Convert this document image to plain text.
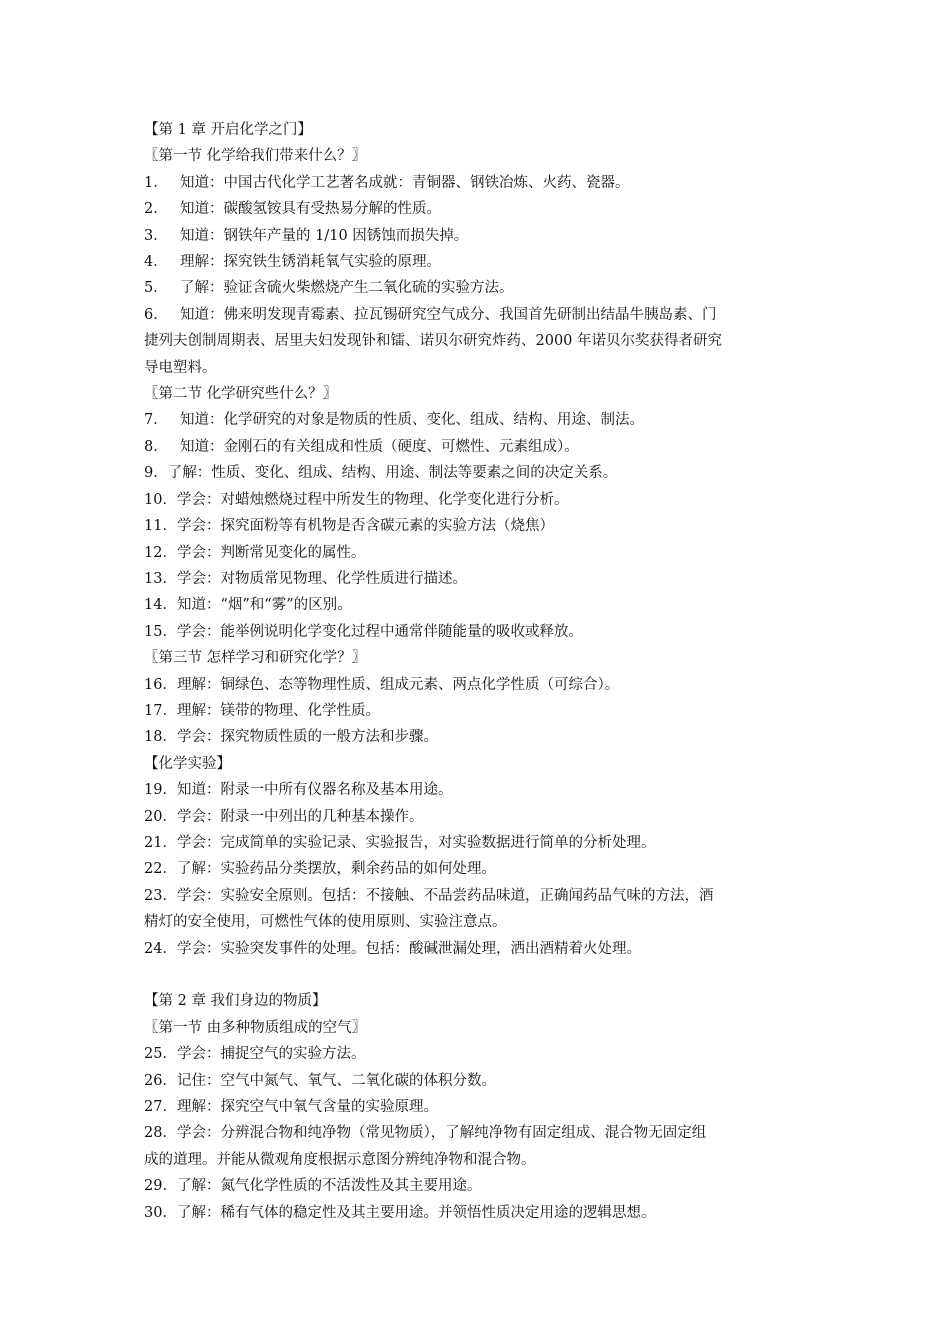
【第 1 章 开启化学之门】
〖第一节 化学给我们带来什么？〗
1． 知道：中国古代化学工艺著名成就：青铜器、钢铁冶炼、火药、瓷器。
2． 知道：碳酸氢铵具有受热易分解的性质。
3． 知道：钢铁年产量的 1/10 因锈蚀而损失掉。
4． 理解：探究铁生锈消耗氧气实验的原理。
5． 了解：验证含硫火柴燃烧产生二氧化硫的实验方法。
6． 知道：佛来明发现青霉素、拉瓦锡研究空气成分、我国首先研制出结晶牛胰岛素、门
捷列夫创制周期表、居里夫妇发现钋和镭、诺贝尔研究炸药、2000 年诺贝尔奖获得者研究
导电塑料。
〖第二节 化学研究些什么？〗
7． 知道：化学研究的对象是物质的性质、变化、组成、结构、用途、制法。
8． 知道：金刚石的有关组成和性质（硬度、可燃性、元素组成）。
9．了解：性质、变化、组成、结构、用途、制法等要素之间的决定关系。
10．学会：对蜡烛燃烧过程中所发生的物理、化学变化进行分析。
11．学会：探究面粉等有机物是否含碳元素的实验方法（烧焦）
12．学会：判断常见变化的属性。
13．学会：对物质常见物理、化学性质进行描述。
14．知道：“烟”和“雾”的区别。
15．学会：能举例说明化学变化过程中通常伴随能量的吸收或释放。
〖第三节 怎样学习和研究化学？〗
16．理解：铜绿色、态等物理性质、组成元素、两点化学性质（可综合）。
17．理解：镁带的物理、化学性质。
18．学会：探究物质性质的一般方法和步骤。
【化学实验】
19．知道：附录一中所有仪器名称及基本用途。
20．学会：附录一中列出的几种基本操作。
21．学会：完成简单的实验记录、实验报告，对实验数据进行简单的分析处理。
22．了解：实验药品分类摆放，剩余药品的如何处理。
23．学会：实验安全原则。包括：不接触、不品尝药品味道，正确闻药品气味的方法，酒
精灯的安全使用，可燃性气体的使用原则、实验注意点。
24．学会：实验突发事件的处理。包括：酸碱泄漏处理，洒出酒精着火处理。
【第 2 章 我们身边的物质】
〖第一节 由多种物质组成的空气〗
25．学会：捕捉空气的实验方法。
26．记住：空气中氮气、氧气、二氧化碳的体积分数。
27．理解：探究空气中氧气含量的实验原理。
28．学会：分辨混合物和纯净物（常见物质），了解纯净物有固定组成、混合物无固定组
成的道理。并能从微观角度根据示意图分辨纯净物和混合物。
29．了解：氮气化学性质的不活泼性及其主要用途。
30．了解：稀有气体的稳定性及其主要用途。并领悟性质决定用途的逻辑思想。
